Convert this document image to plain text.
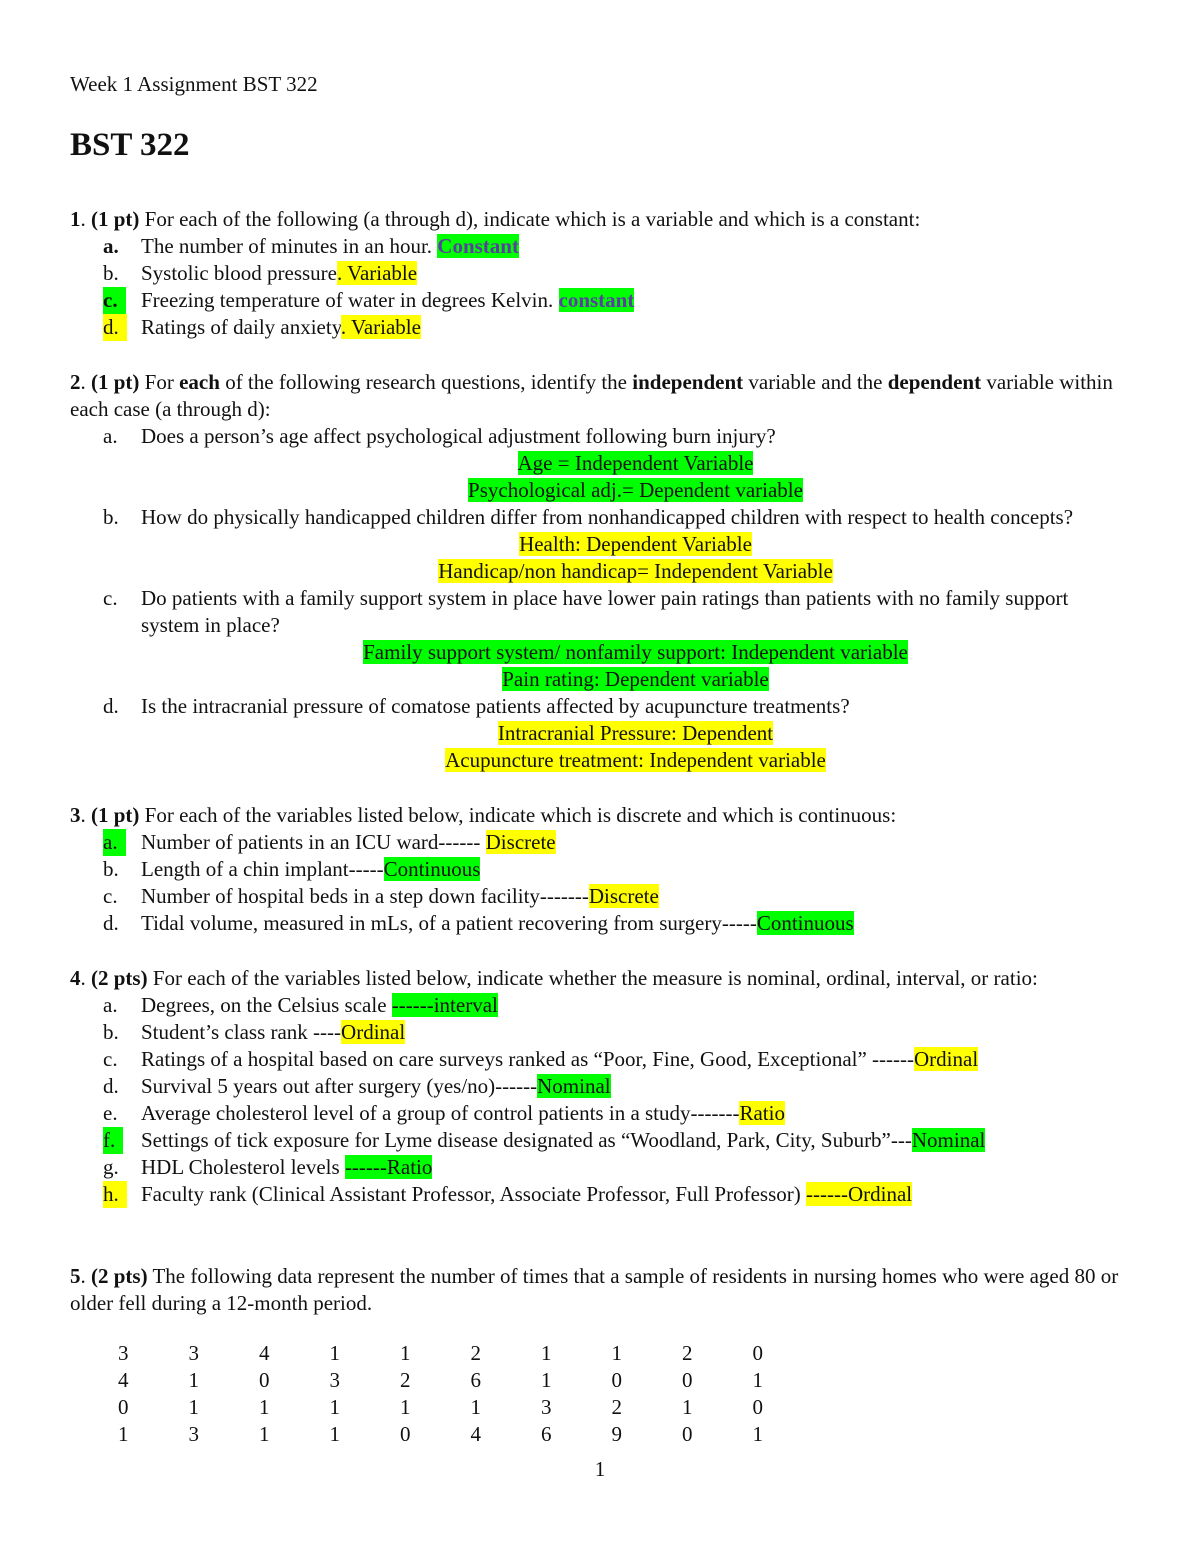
Week 1 Assignment BST 322
BST 322

1. (1 pt) For each of the following (a through d), indicate which is a variable and which is a constant:

a. The number of minutes in an hour. Constant
b. Systolic blood pressure. Variable
c.	Freezing temperature of water in degrees Kelvin. constant
d.	Ratings of daily anxiety. Variable

2. (1 pt) For each of the following research questions, identify the independent variable and the dependent variable within each case (a through d):

a. Does a person’s age affect psychological adjustment following burn injury?
Age = Independent Variable
Psychological adj.= Dependent variable
b. How do physically handicapped children differ from nonhandicapped children with respect to health concepts?
Health: Dependent Variable
Handicap/non handicap= Independent Variable
c. Do patients with a family support system in place have lower pain ratings than patients with no family support system in place?
Family support system/ nonfamily support: Independent variable
Pain rating: Dependent variable
d. Is the intracranial pressure of comatose patients affected by acupuncture treatments?
Intracranial Pressure: Dependent
Acupuncture treatment: Independent variable

3. (1 pt) For each of the variables listed below, indicate which is discrete and which is continuous:

a.	Number of patients in an ICU ward------ Discrete
b. Length of a chin implant-----Continuous
c. Number of hospital beds in a step down facility-------Discrete
d. Tidal volume, measured in mLs, of a patient recovering from surgery-----Continuous

4. (2 pts) For each of the variables listed below, indicate whether the measure is nominal, ordinal, interval, or ratio:

a. Degrees, on the Celsius scale ------interval
b. Student’s class rank ----Ordinal
c. Ratings of a hospital based on care surveys ranked as “Poor, Fine, Good, Exceptional” ------Ordinal
d. Survival 5 years out after surgery (yes/no)------Nominal
e. Average cholesterol level of a group of control patients in a study-------Ratio
f.	Settings of tick exposure for Lyme disease designated as “Woodland, Park, City, Suburb”---Nominal
g. HDL Cholesterol levels ------Ratio
h.	Faculty rank (Clinical Assistant Professor, Associate Professor, Full Professor) ------Ordinal

5. (2 pts) The following data represent the number of times that a sample of residents in nursing homes who were aged 80 or older fell during a 12-month period.

3	3	4	1	1	2	1	1	2	0
4	1	0	3	2	6	1	0	0	1
0	1	1	1	1	1	3	2	1	0
1	3	1	1	0	4	6	9	0	1
1
